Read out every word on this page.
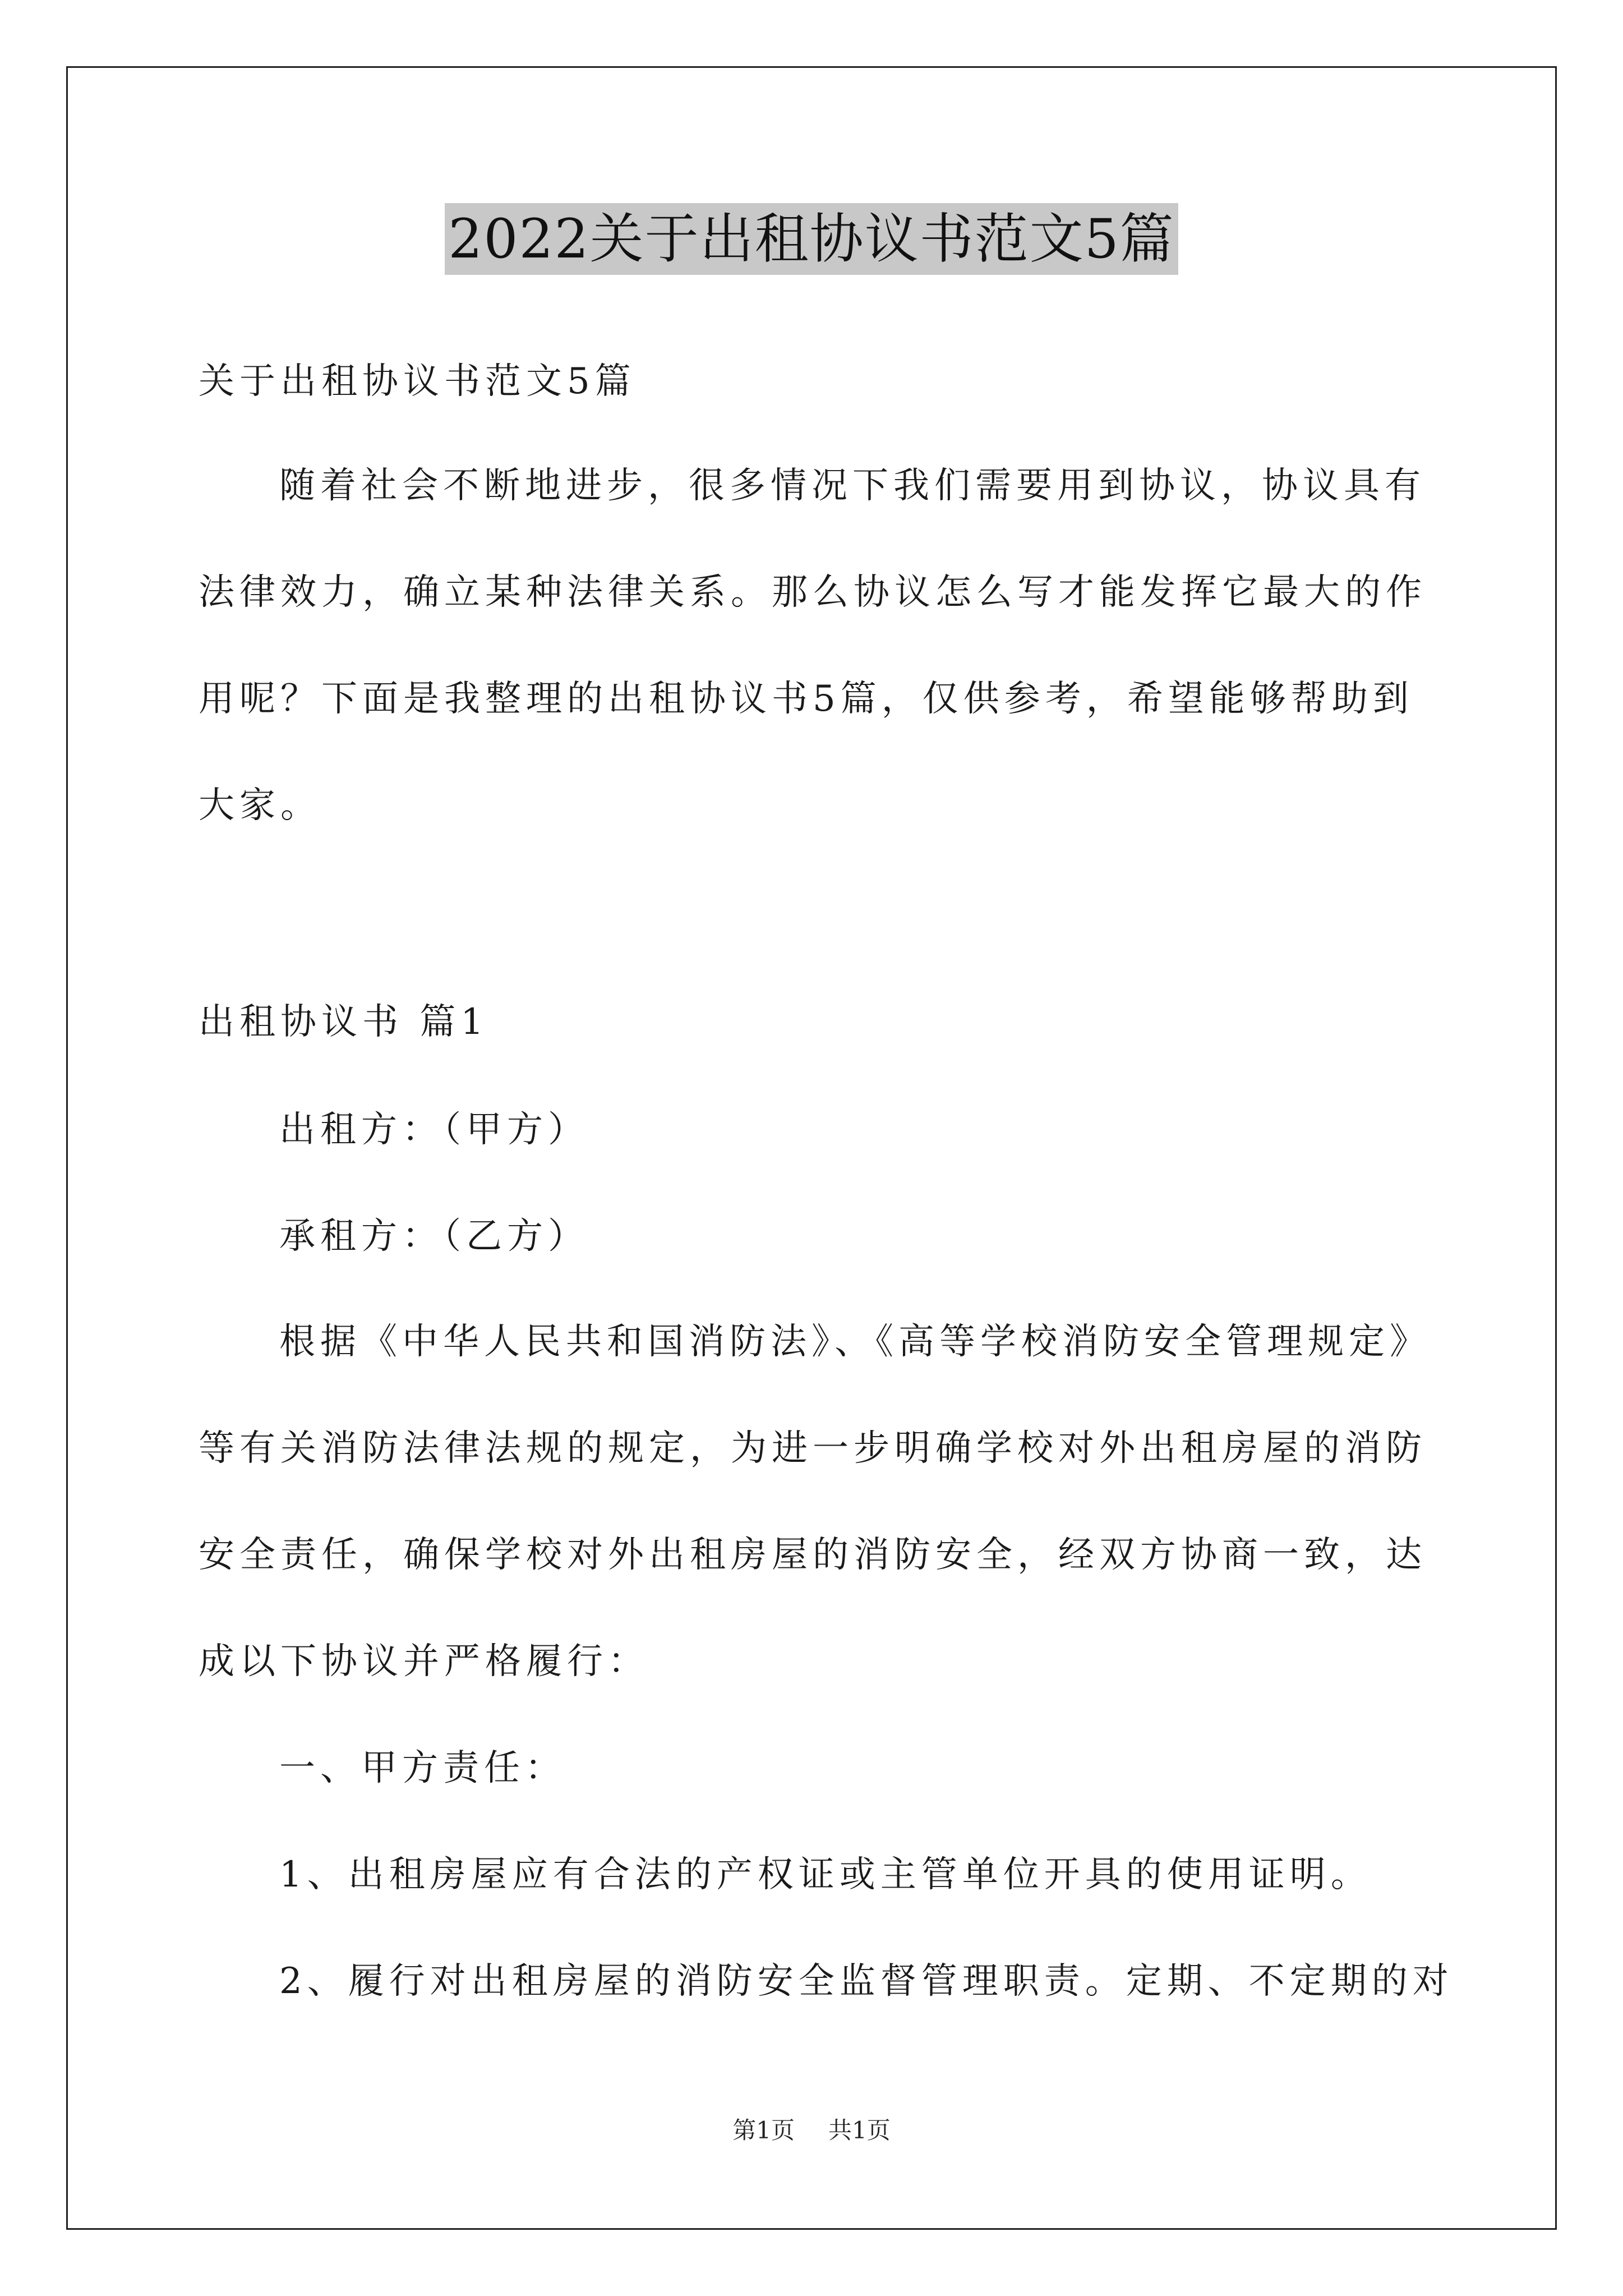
2022关于出租协议书范文5篇
关于出租协议书范文5篇
随着社会不断地进步，很多情况下我们需要用到协议，协议具有
法律效力，确立某种法律关系。那么协议怎么写才能发挥它最大的作
用呢？下面是我整理的出租协议书5篇，仅供参考，希望能够帮助到
大家。
出租协议书 篇1
出租方：（甲方）
承租方：（乙方）
根据《中华人民共和国消防法》、《高等学校消防安全管理规定》
等有关消防法律法规的规定，为进一步明确学校对外出租房屋的消防
安全责任，确保学校对外出租房屋的消防安全，经双方协商一致，达
成以下协议并严格履行：
一、甲方责任：
1、出租房屋应有合法的产权证或主管单位开具的使用证明。
2、履行对出租房屋的消防安全监督管理职责。定期、不定期的对
第1页 共1页
